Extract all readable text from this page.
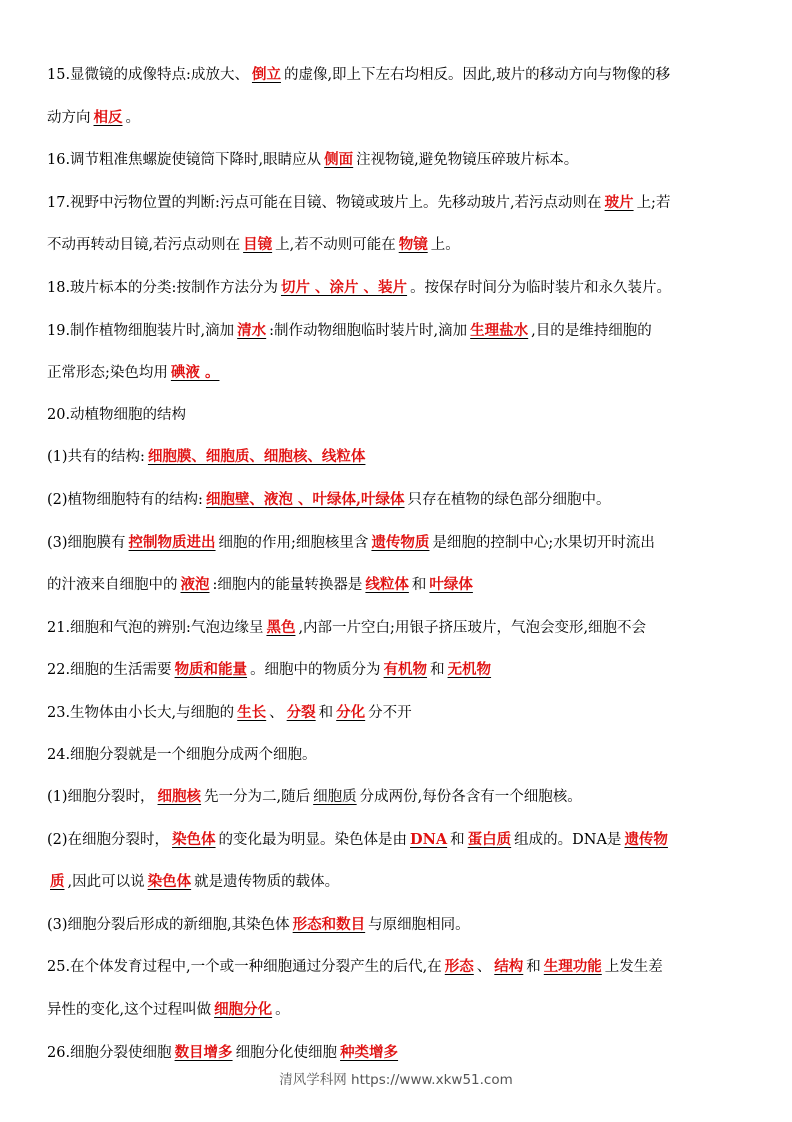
15.显微镜的成像特点:成放大、 倒立 的虚像,即上下左右均相反。因此,玻片的移动方向与物像的移
动方向 相反 。
16.调节粗准焦螺旋使镜筒下降时,眼睛应从 侧面 注视物镜,避免物镜压碎玻片标本。
17.视野中污物位置的判断:污点可能在目镜、物镜或玻片上。先移动玻片,若污点动则在 玻片 上;若
不动再转动目镜,若污点动则在 目镜 上,若不动则可能在 物镜 上。
18.玻片标本的分类:按制作方法分为 切片 、涂片 、装片 。按保存时间分为临时装片和永久装片。
19.制作植物细胞装片时,滴加 清水 :制作动物细胞临时装片时,滴加 生理盐水 ,目的是维持细胞的
正常形态;染色均用 碘液 。
20.动植物细胞的结构
(1)共有的结构: 细胞膜、细胞质、细胞核、线粒体
(2)植物细胞特有的结构: 细胞壁、液泡 、叶绿体,叶绿体 只存在植物的绿色部分细胞中。
(3)细胞膜有 控制物质进出 细胞的作用;细胞核里含 遗传物质 是细胞的控制中心;水果切开时流出
的汁液来自细胞中的 液泡 :细胞内的能量转换器是 线粒体 和 叶绿体
21.细胞和气泡的辨别:气泡边缘呈 黑色 ,内部一片空白;用银子挤压玻片，气泡会变形,细胞不会
22.细胞的生活需要 物质和能量 。细胞中的物质分为 有机物 和 无机物
23.生物体由小长大,与细胞的 生长 、 分裂 和 分化 分不开
24.细胞分裂就是一个细胞分成两个细胞。
(1)细胞分裂时， 细胞核 先一分为二,随后 细胞质 分成两份,每份各含有一个细胞核。
(2)在细胞分裂时， 染色体 的变化最为明显。染色体是由 DNA 和 蛋白质 组成的。DNA是 遗传物
质 ,因此可以说 染色体 就是遗传物质的载体。
(3)细胞分裂后形成的新细胞,其染色体 形态和数目 与原细胞相同。
25.在个体发育过程中,一个或一种细胞通过分裂产生的后代,在 形态 、 结构 和 生理功能 上发生差
异性的变化,这个过程叫做 细胞分化 。
26.细胞分裂使细胞 数目增多 细胞分化使细胞 种类增多
清风学科网 https://www.xkw51.com
